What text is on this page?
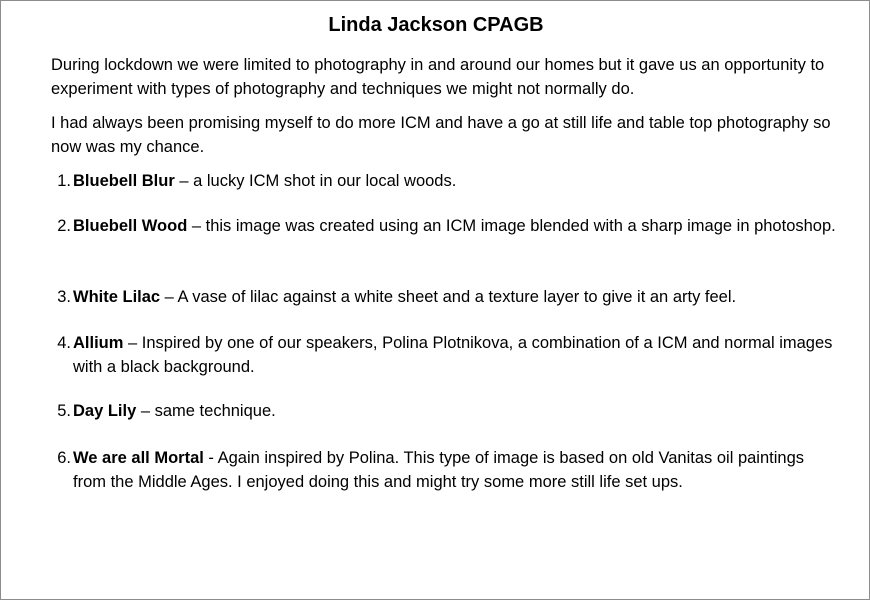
Linda Jackson CPAGB

During lockdown we were limited to photography in and around our homes but it gave us an opportunity to experiment with types of photography and techniques we might not normally do.

I had always been promising myself to do more ICM and have a go at still life and table top photography so now was my chance.

1. Bluebell Blur – a lucky ICM shot in our local woods.
2. Bluebell Wood – this image was created using an ICM image blended with a sharp image in photoshop.
3. White Lilac – A vase of lilac against a white sheet and a texture layer to give it an arty feel.
4. Allium – Inspired by one of our speakers, Polina Plotnikova, a combination of a ICM and normal images with a black background.
5. Day Lily – same technique.
6. We are all Mortal - Again inspired by Polina. This type of image is based on old Vanitas oil paintings from the Middle Ages. I enjoyed doing this and might try some more still life set ups.
